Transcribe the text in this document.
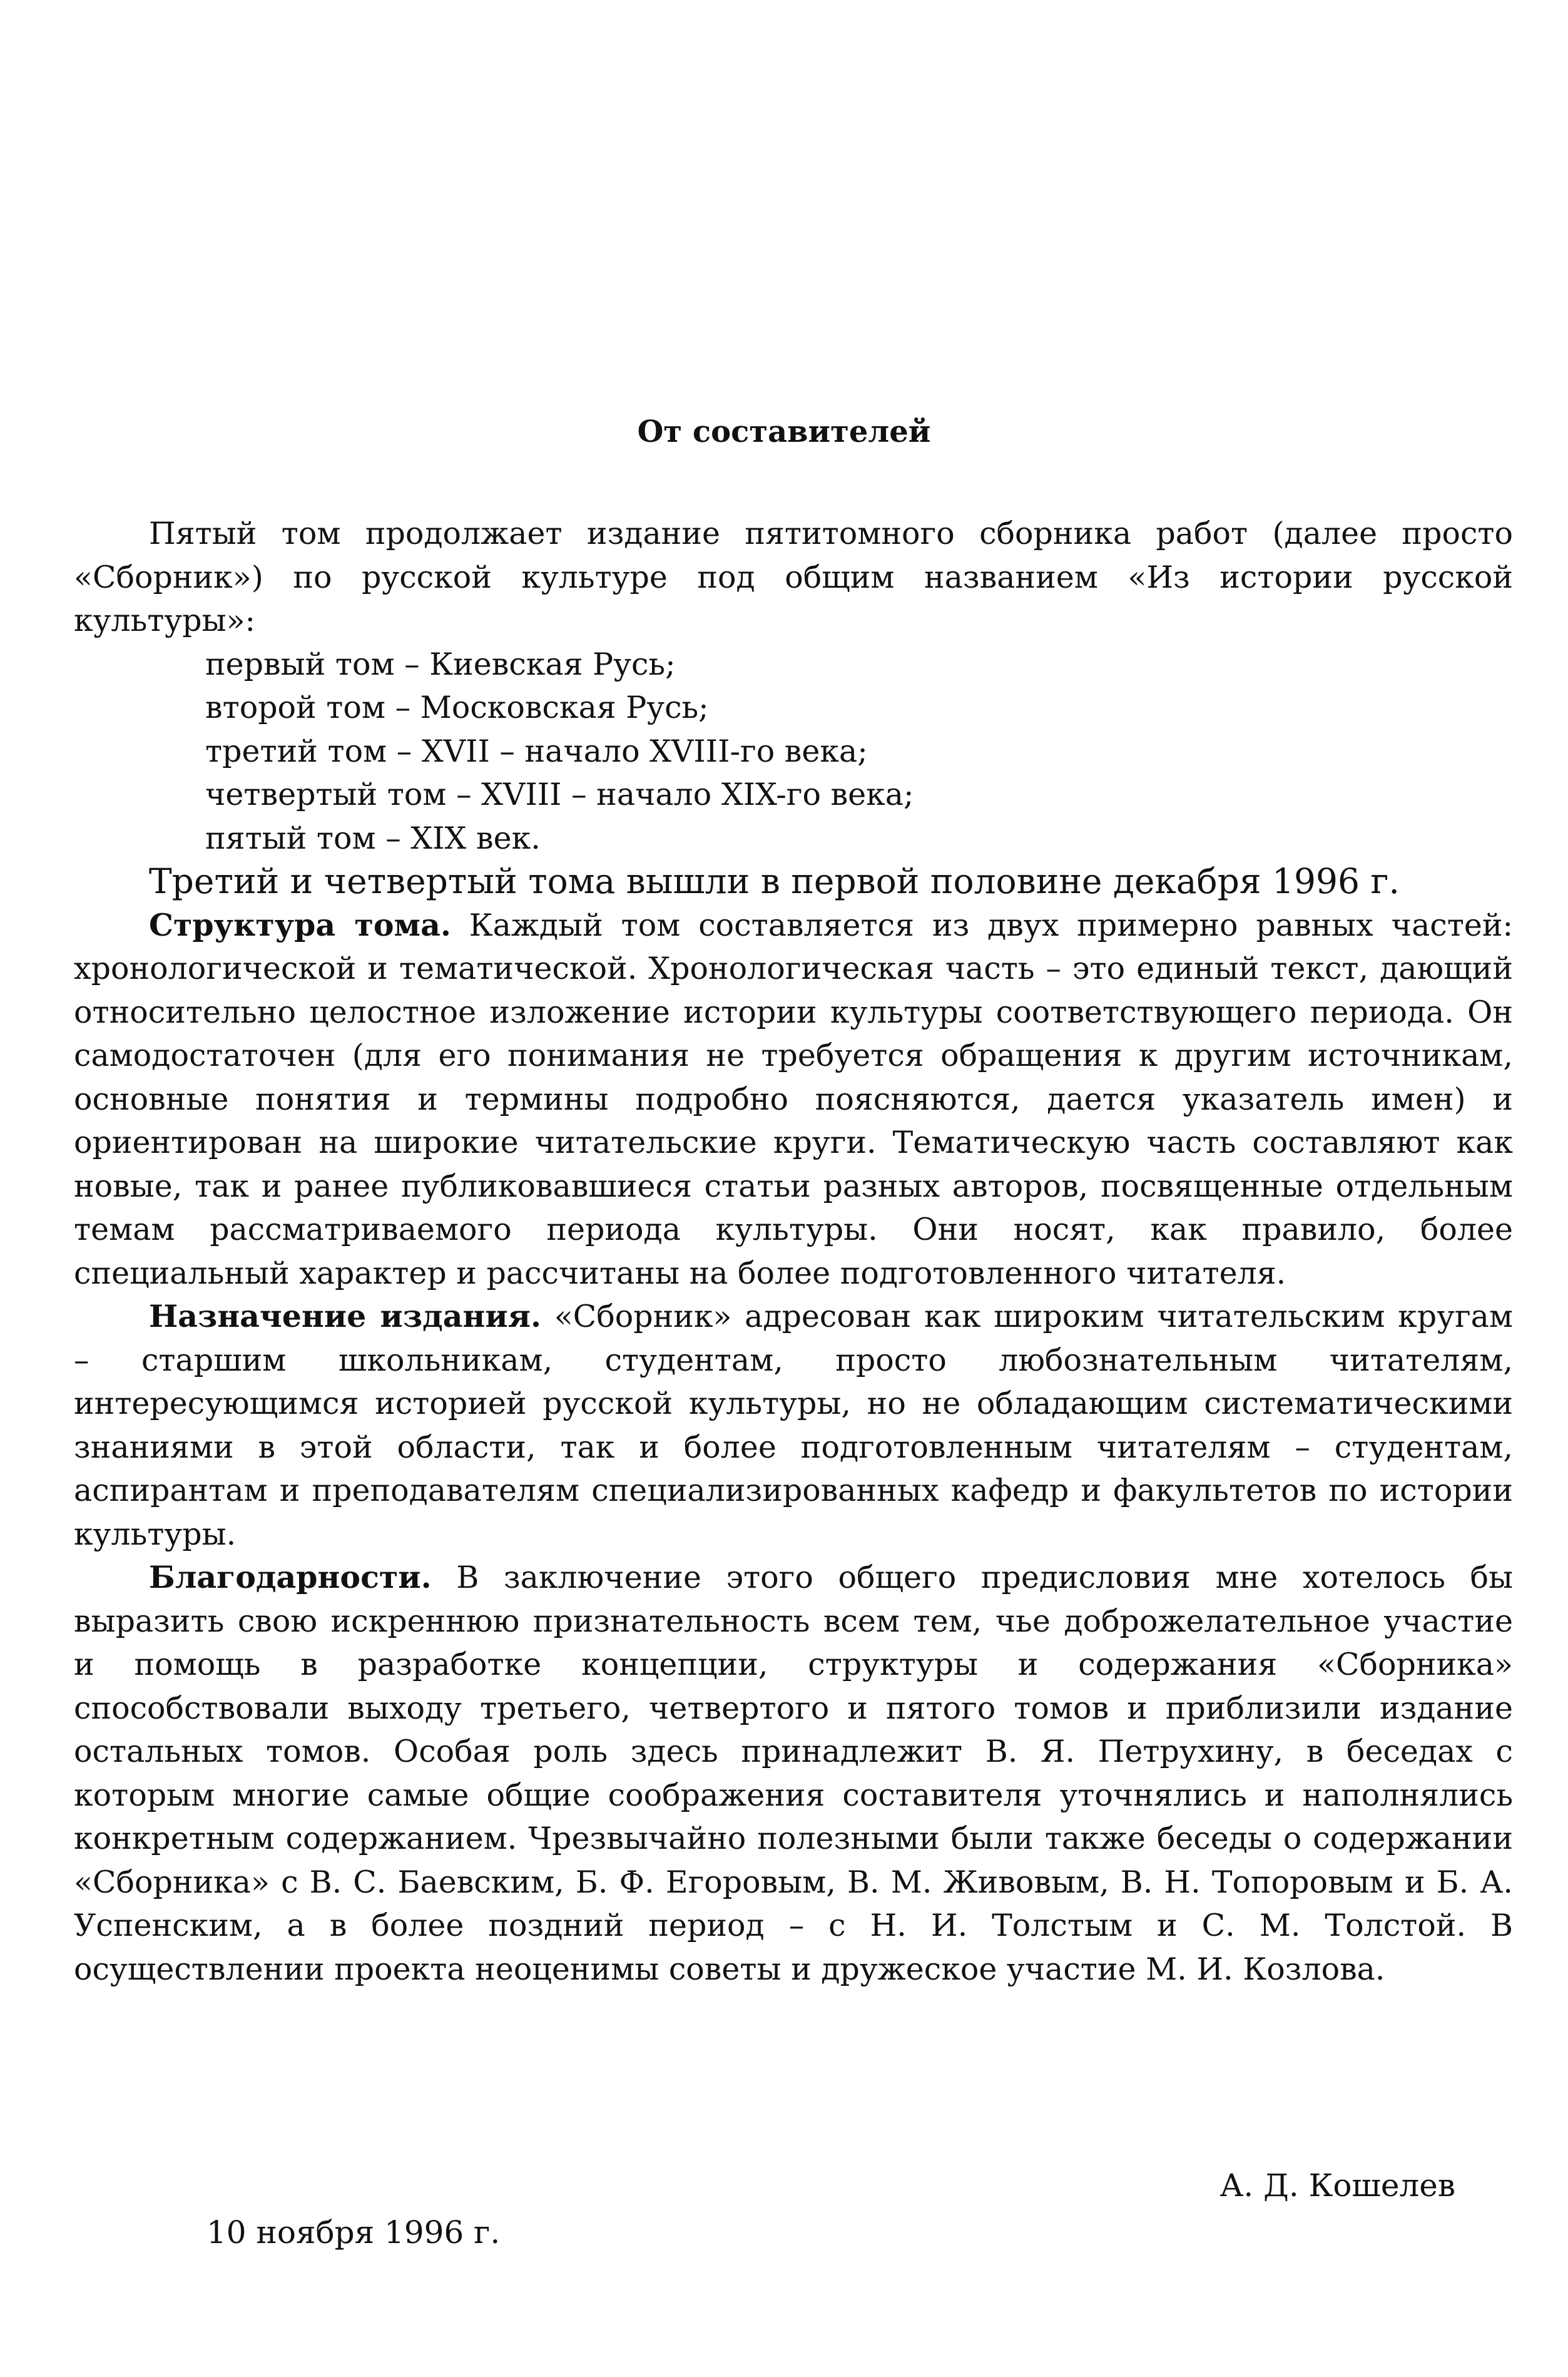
От составителей

Пятый том продолжает издание пятитомного сборника работ (далее просто «Сборник») по русской культуре под общим названием «Из истории русской культуры»:

первый том – Киевская Русь;
второй том – Московская Русь;
третий том – XVII – начало XVIII-го века;
четвертый том – XVIII – начало XIX-го века;
пятый том – XIX век.

Третий и четвертый тома вышли в первой половине декабря 1996 г.

Структура тома. Каждый том составляется из двух примерно равных частей: хронологической и тематической. Хронологическая часть – это единый текст, дающий относительно целостное изложение истории культуры соответствующего периода. Он самодостаточен (для его понимания не требуется обращения к другим источникам, основные понятия и термины подробно поясняются, дается указатель имен) и ориентирован на широкие читательские круги. Тематическую часть составляют как новые, так и ранее публиковавшиеся статьи разных авторов, посвященные отдельным темам рассматриваемого периода культуры. Они носят, как правило, более специальный характер и рассчитаны на более подготовленного читателя.

Назначение издания. «Сборник» адресован как широким читательским кругам – старшим школьникам, студентам, просто любознательным читателям, интересующимся историей русской культуры, но не обладающим систематическими знаниями в этой области, так и более подготовленным читателям – студентам, аспирантам и преподавателям специализированных кафедр и факультетов по истории культуры.

Благодарности. В заключение этого общего предисловия мне хотелось бы выразить свою искреннюю признательность всем тем, чье доброжелательное участие и помощь в разработке концепции, структуры и содержания «Сборника» способствовали выходу третьего, четвертого и пятого томов и приблизили издание остальных томов. Особая роль здесь принадлежит В. Я. Петрухину, в беседах с которым многие самые общие соображения составителя уточнялись и наполнялись конкретным содержанием. Чрезвычайно полезными были также беседы о содержании «Сборника» с В. С. Баевским, Б. Ф. Егоровым, В. М. Живовым, В. Н. Топоровым и Б. А. Успенским, а в более поздний период – с Н. И. Толстым и С. М. Толстой. В осуществлении проекта неоценимы советы и дружеское участие М. И. Козлова.

А. Д. Кошелев
10 ноября 1996 г.
